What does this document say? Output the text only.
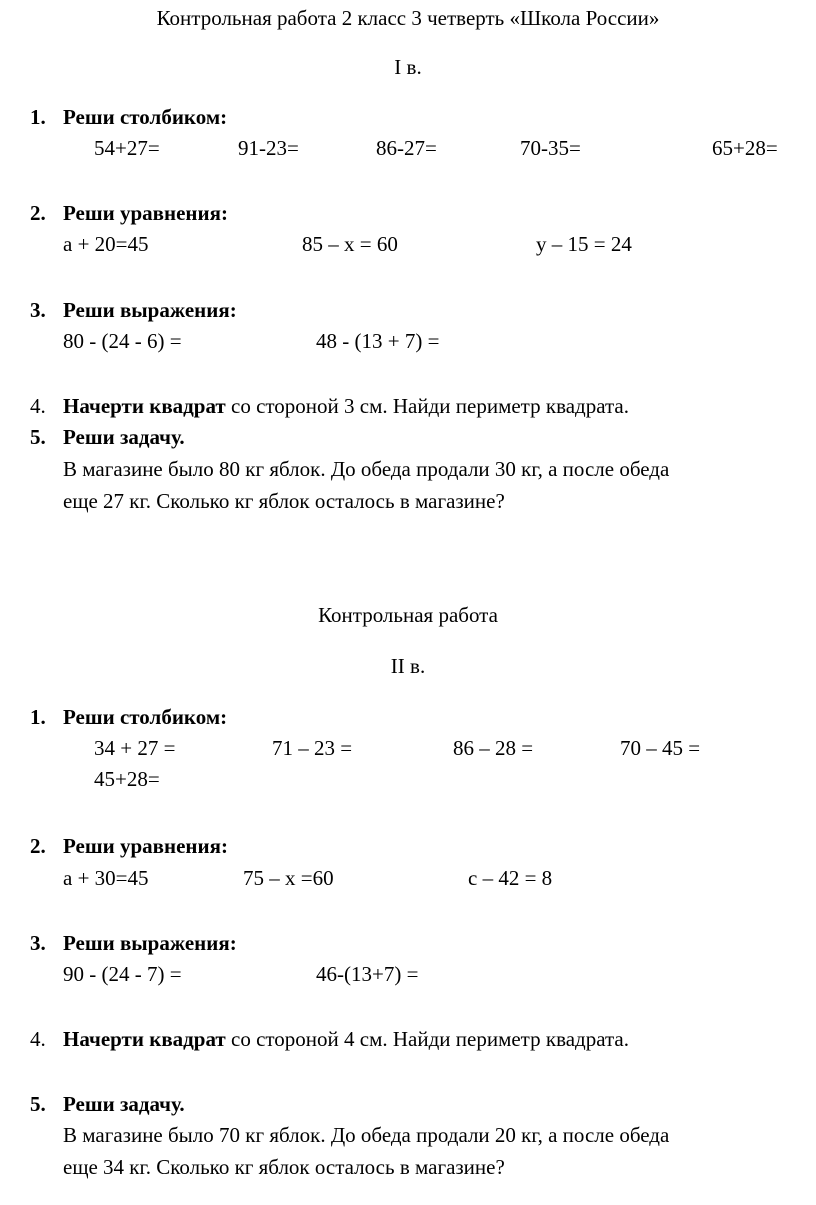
Контрольная работа 2 класс 3 четверть «Школа России»
I в.
1. Реши столбиком:
54+27=	91-23=	86-27=	70-35=	65+28=
2. Реши уравнения:
а + 20=45	85 – х = 60	у – 15 = 24
3. Реши выражения:
80 - (24 - 6) =	48 - (13 + 7) =
4. Начерти квадрат со стороной 3 см. Найди периметр квадрата.
5. Реши задачу.
В магазине было 80 кг яблок. До обеда продали 30 кг, а после обеда
еще 27 кг. Сколько кг яблок осталось в магазине?
Контрольная работа
II в.
1. Реши столбиком:
34 + 27 =	71 – 23 =	86 – 28 =	70 – 45 =
45+28=
2. Реши уравнения:
а + 30=45	75 – х =60	с – 42 = 8
3. Реши выражения:
90 - (24 - 7) =	46-(13+7) =
4. Начерти квадрат со стороной 4 см. Найди периметр квадрата.
5. Реши задачу.
В магазине было 70 кг яблок. До обеда продали 20 кг, а после обеда
еще 34 кг. Сколько кг яблок осталось в магазине?
